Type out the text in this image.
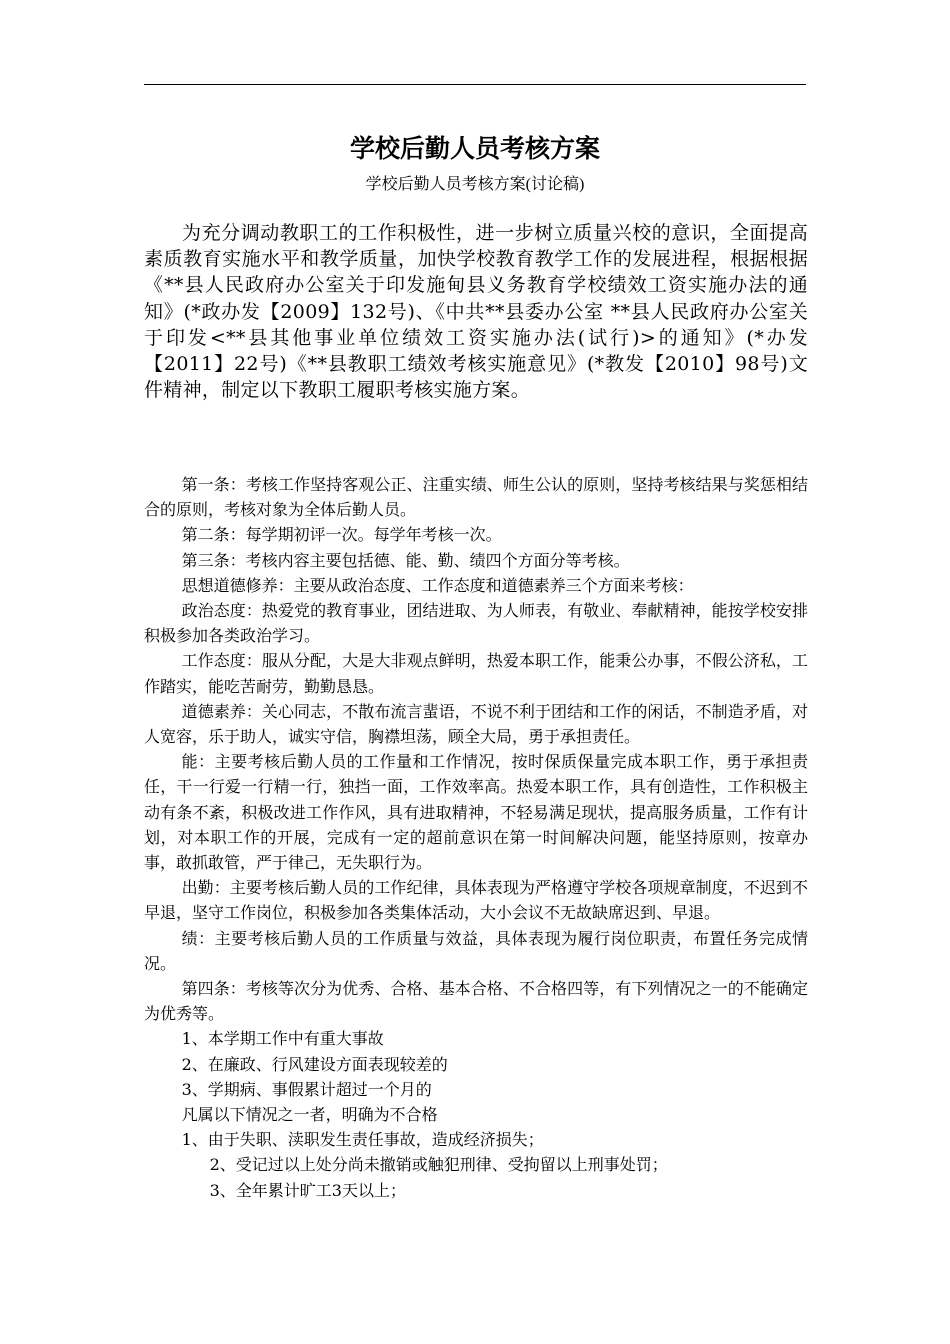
学校后勤人员考核方案
学校后勤人员考核方案(讨论稿)

为充分调动教职工的工作积极性，进一步树立质量兴校的意识，全面提高素质教育实施水平和教学质量，加快学校教育教学工作的发展进程，根据根据《**县人民政府办公室关于印发施甸县义务教育学校绩效工资实施办法的通知》(*政办发【2009】132号)、《中共**县委办公室 **县人民政府办公室关于印发<**县其他事业单位绩效工资实施办法(试行)>的通知》(*办发【2011】22号)《**县教职工绩效考核实施意见》(*教发【2010】98号)文件精神，制定以下教职工履职考核实施方案。

第一条：考核工作坚持客观公正、注重实绩、师生公认的原则，坚持考核结果与奖惩相结合的原则，考核对象为全体后勤人员。

第二条：每学期初评一次。每学年考核一次。

第三条：考核内容主要包括德、能、勤、绩四个方面分等考核。

思想道德修养：主要从政治态度、工作态度和道德素养三个方面来考核：

政治态度：热爱党的教育事业，团结进取、为人师表，有敬业、奉献精神，能按学校安排积极参加各类政治学习。

工作态度：服从分配，大是大非观点鲜明，热爱本职工作，能秉公办事，不假公济私，工作踏实，能吃苦耐劳，勤勤恳恳。

道德素养：关心同志，不散布流言蜚语，不说不利于团结和工作的闲话，不制造矛盾，对人宽容，乐于助人，诚实守信，胸襟坦荡，顾全大局，勇于承担责任。

能：主要考核后勤人员的工作量和工作情况，按时保质保量完成本职工作，勇于承担责任，干一行爱一行精一行，独挡一面，工作效率高。热爱本职工作，具有创造性，工作积极主动有条不紊，积极改进工作作风，具有进取精神，不轻易满足现状，提高服务质量，工作有计划，对本职工作的开展，完成有一定的超前意识在第一时间解决问题，能坚持原则，按章办事，敢抓敢管，严于律己，无失职行为。

出勤：主要考核后勤人员的工作纪律，具体表现为严格遵守学校各项规章制度，不迟到不早退，坚守工作岗位，积极参加各类集体活动，大小会议不无故缺席迟到、早退。

绩：主要考核后勤人员的工作质量与效益，具体表现为履行岗位职责，布置任务完成情况。

第四条：考核等次分为优秀、合格、基本合格、不合格四等，有下列情况之一的不能确定为优秀等。

1、本学期工作中有重大事故

2、在廉政、行风建设方面表现较差的

3、学期病、事假累计超过一个月的

凡属以下情况之一者，明确为不合格

1、由于失职、渎职发生责任事故，造成经济损失；

2、受记过以上处分尚未撤销或触犯刑律、受拘留以上刑事处罚；

3、全年累计旷工3天以上；
